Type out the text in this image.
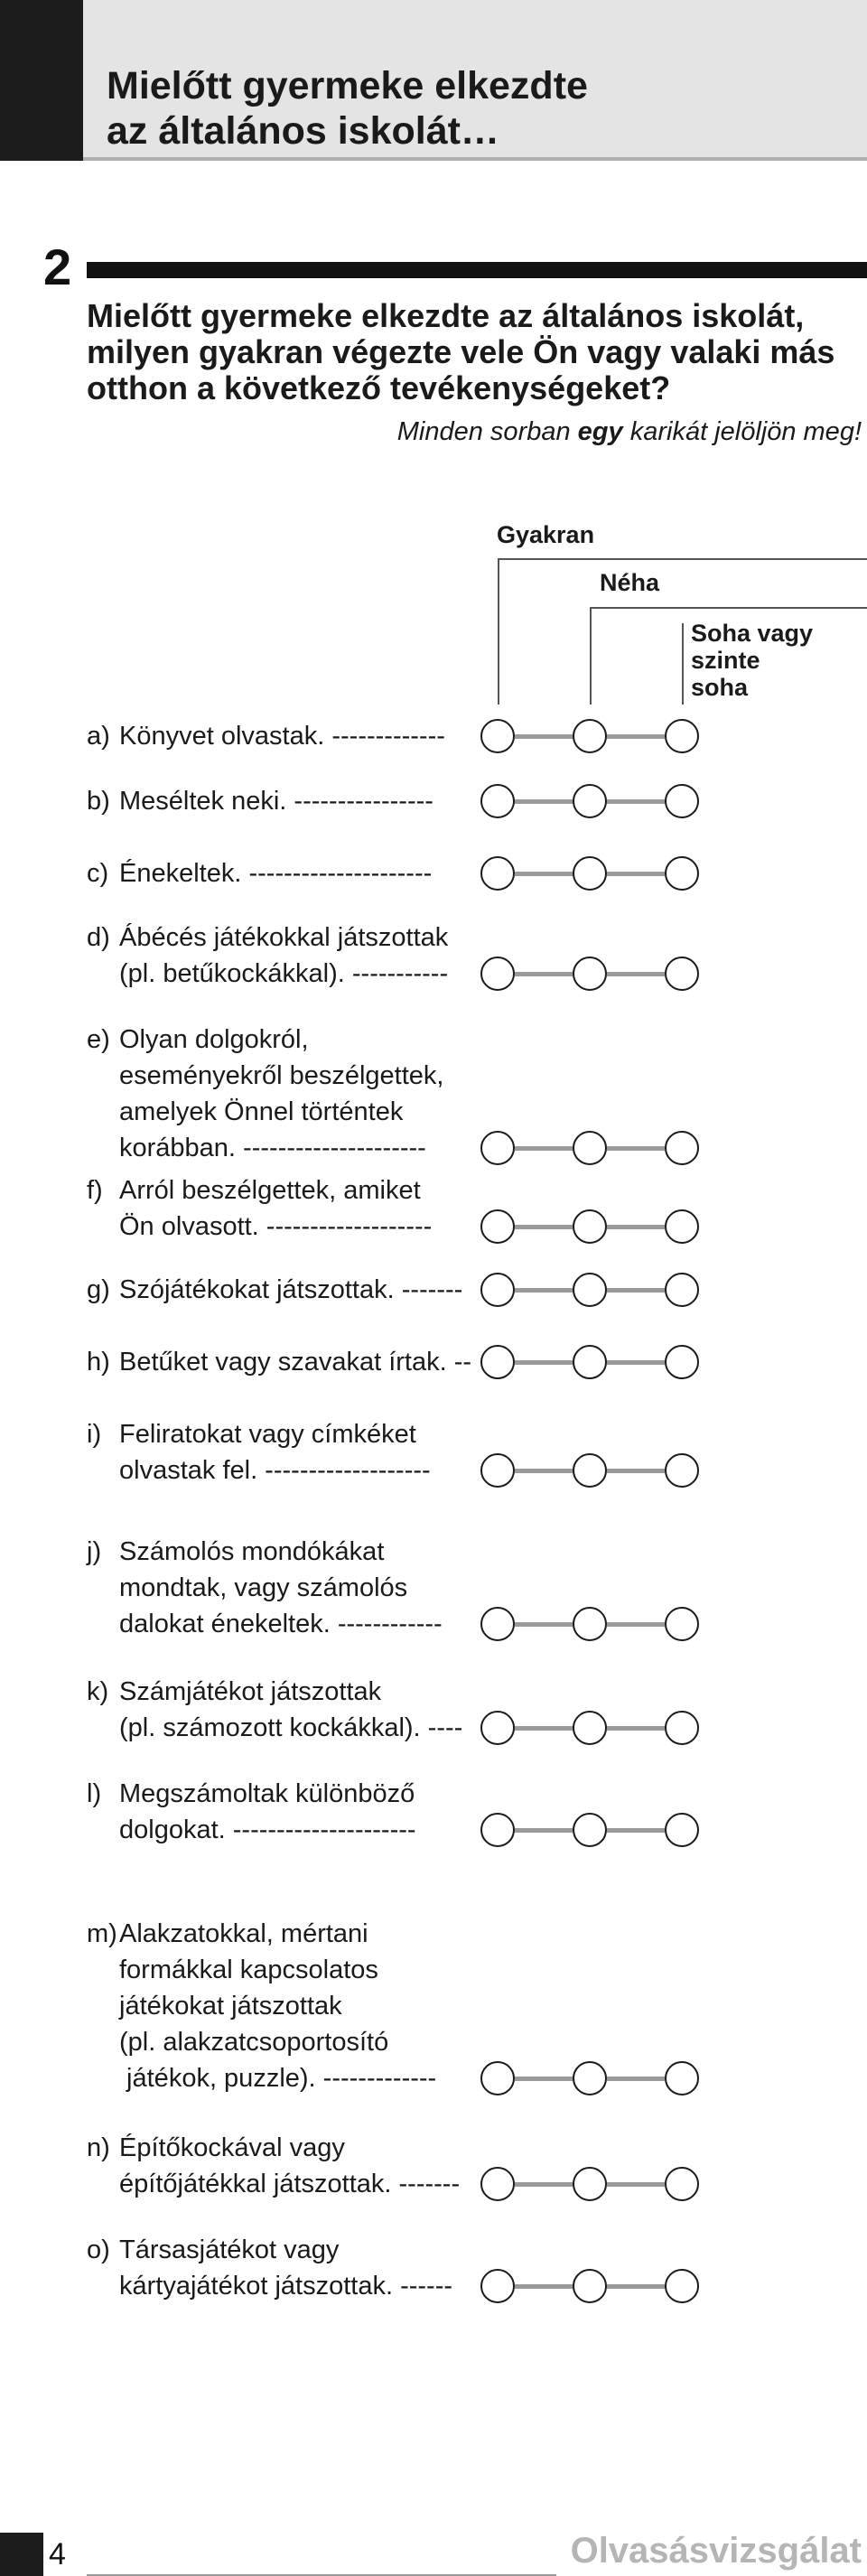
Mielőtt gyermeke elkezdte
az általános iskolát…
2
Mielőtt gyermeke elkezdte az általános iskolát,
milyen gyakran végezte vele Ön vagy valaki más
otthon a következő tevékenységeket?
Minden sorban egy karikát jelöljön meg!
Gyakran
Néha
Soha vagy szinte
soha
a) Könyvet olvastak. -------------
b) Meséltek neki. ----------------
c) Énekeltek. ---------------------
d) Ábécés játékokkal játszottak
(pl. betűkockákkal). -----------
e) Olyan dolgokról,
eseményekről beszélgettek,
amelyek Önnel történtek
korábban. ---------------------
f) Arról beszélgettek, amiket
Ön olvasott. -------------------
g) Szójátékokat játszottak. -------
h) Betűket vagy szavakat írtak. --
i) Feliratokat vagy címkéket
olvastak fel. -------------------
j) Számolós mondókákat
mondtak, vagy számolós
dalokat énekeltek. ------------
k) Számjátékot játszottak
(pl. számozott kockákkal). ----
l) Megszámoltak különböző
dolgokat. ---------------------
m) Alakzatokkal, mértani
formákkal kapcsolatos
játékokat játszottak
(pl. alakzatcsoportosító
játékok, puzzle). -------------
n) Építőkockával vagy
építőjátékkal játszottak. -------
o) Társasjátékot vagy
kártyajátékot játszottak. ------
4	Olvasásvizsgálat
